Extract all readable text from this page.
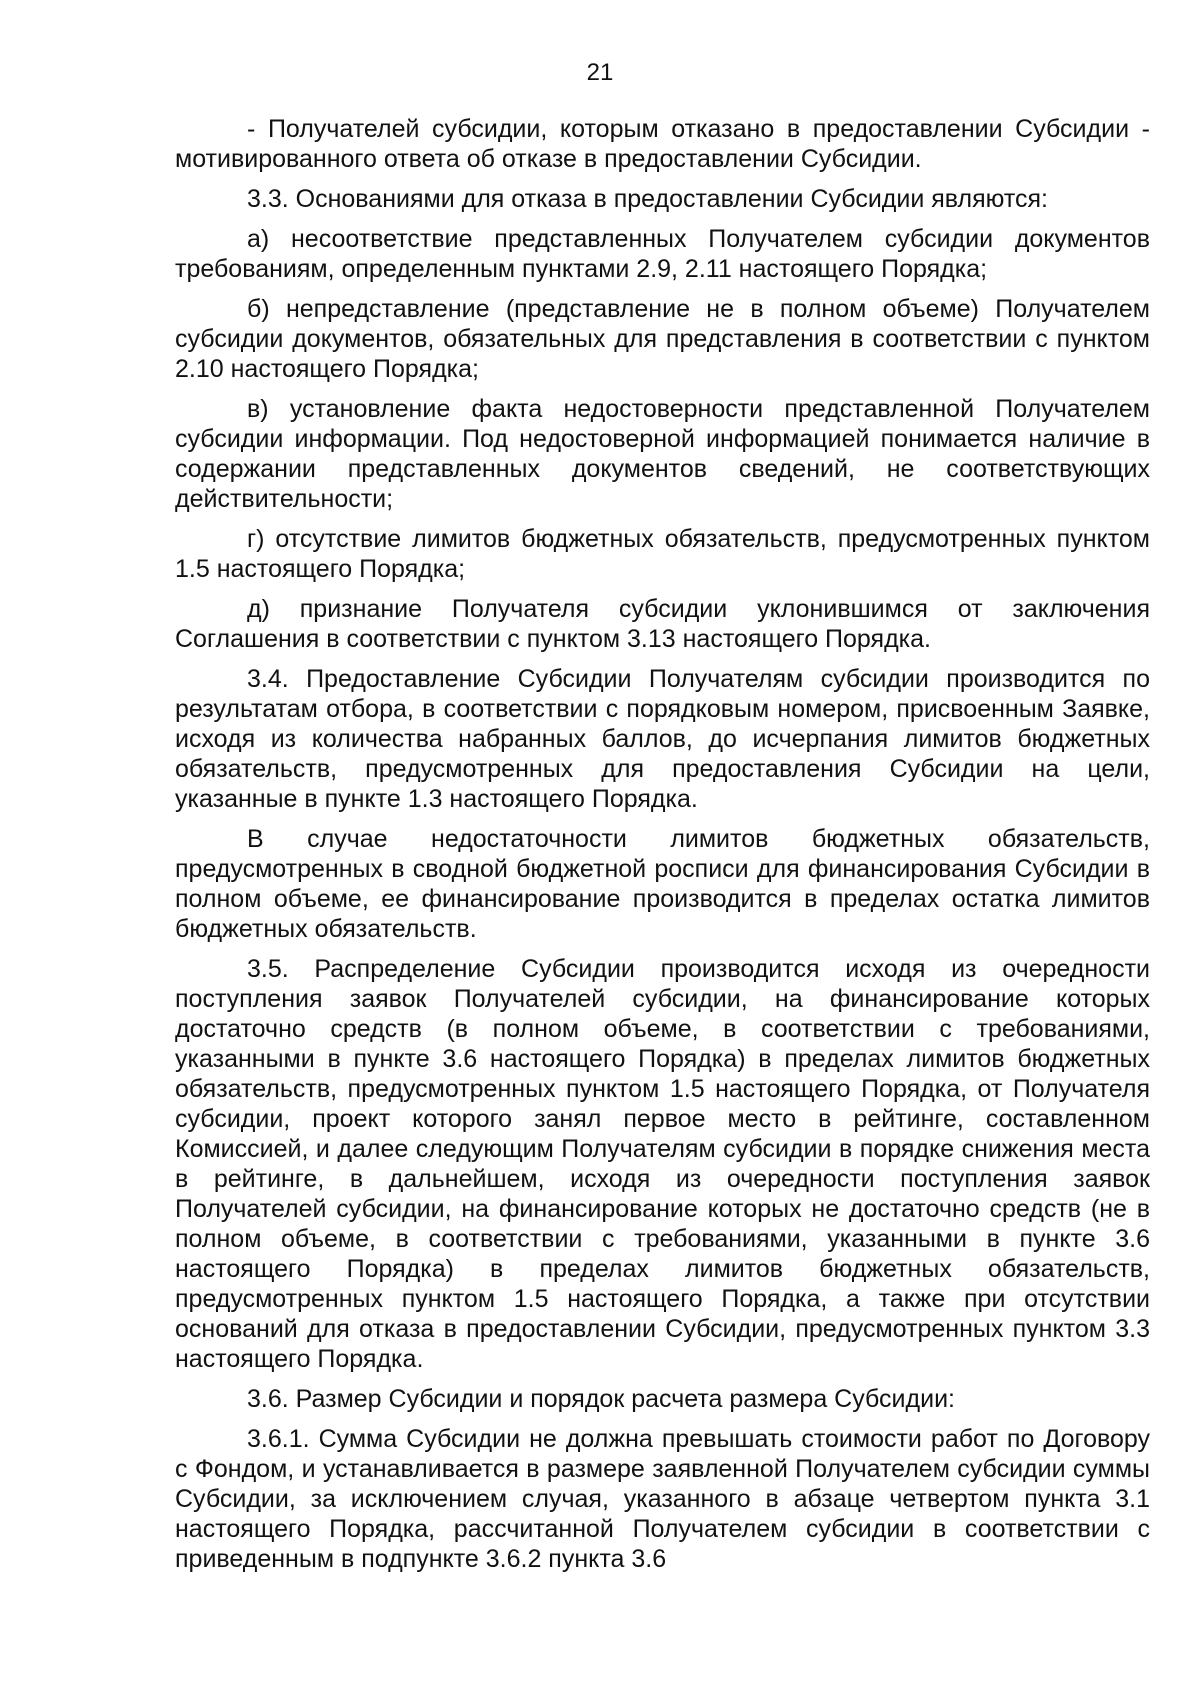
21

- Получателей субсидии, которым отказано в предоставлении Субсидии - мотивированного ответа об отказе в предоставлении Субсидии.

3.3. Основаниями для отказа в предоставлении Субсидии являются:

а) несоответствие представленных Получателем субсидии документов требованиям, определенным пунктами 2.9, 2.11 настоящего Порядка;

б) непредставление (представление не в полном объеме) Получателем субсидии документов, обязательных для представления в соответствии с пунктом 2.10 настоящего Порядка;

в) установление факта недостоверности представленной Получателем субсидии информации. Под недостоверной информацией понимается наличие в содержании представленных документов сведений, не соответствующих действительности;

г) отсутствие лимитов бюджетных обязательств, предусмотренных пунктом 1.5 настоящего Порядка;

д) признание Получателя субсидии уклонившимся от заключения Соглашения в соответствии с пунктом 3.13 настоящего Порядка.

3.4. Предоставление Субсидии Получателям субсидии производится по результатам отбора, в соответствии с порядковым номером, присвоенным Заявке, исходя из количества набранных баллов, до исчерпания лимитов бюджетных обязательств, предусмотренных для предоставления Субсидии на цели, указанные в пункте 1.3 настоящего Порядка.

В случае недостаточности лимитов бюджетных обязательств, предусмотренных в сводной бюджетной росписи для финансирования Субсидии в полном объеме, ее финансирование производится в пределах остатка лимитов бюджетных обязательств.

3.5. Распределение Субсидии производится исходя из очередности поступления заявок Получателей субсидии, на финансирование которых достаточно средств (в полном объеме, в соответствии с требованиями, указанными в пункте 3.6 настоящего Порядка) в пределах лимитов бюджетных обязательств, предусмотренных пунктом 1.5 настоящего Порядка, от Получателя субсидии, проект которого занял первое место в рейтинге, составленном Комиссией, и далее следующим Получателям субсидии в порядке снижения места в рейтинге, в дальнейшем, исходя из очередности поступления заявок Получателей субсидии, на финансирование которых не достаточно средств (не в полном объеме, в соответствии с требованиями, указанными в пункте 3.6 настоящего Порядка) в пределах лимитов бюджетных обязательств, предусмотренных пунктом 1.5 настоящего Порядка, а также при отсутствии оснований для отказа в предоставлении Субсидии, предусмотренных пунктом 3.3 настоящего Порядка.

3.6. Размер Субсидии и порядок расчета размера Субсидии:

3.6.1. Сумма Субсидии не должна превышать стоимости работ по Договору с Фондом, и устанавливается в размере заявленной Получателем субсидии суммы Субсидии, за исключением случая, указанного в абзаце четвертом пункта 3.1 настоящего Порядка, рассчитанной Получателем субсидии в соответствии с приведенным в подпункте 3.6.2 пункта 3.6
